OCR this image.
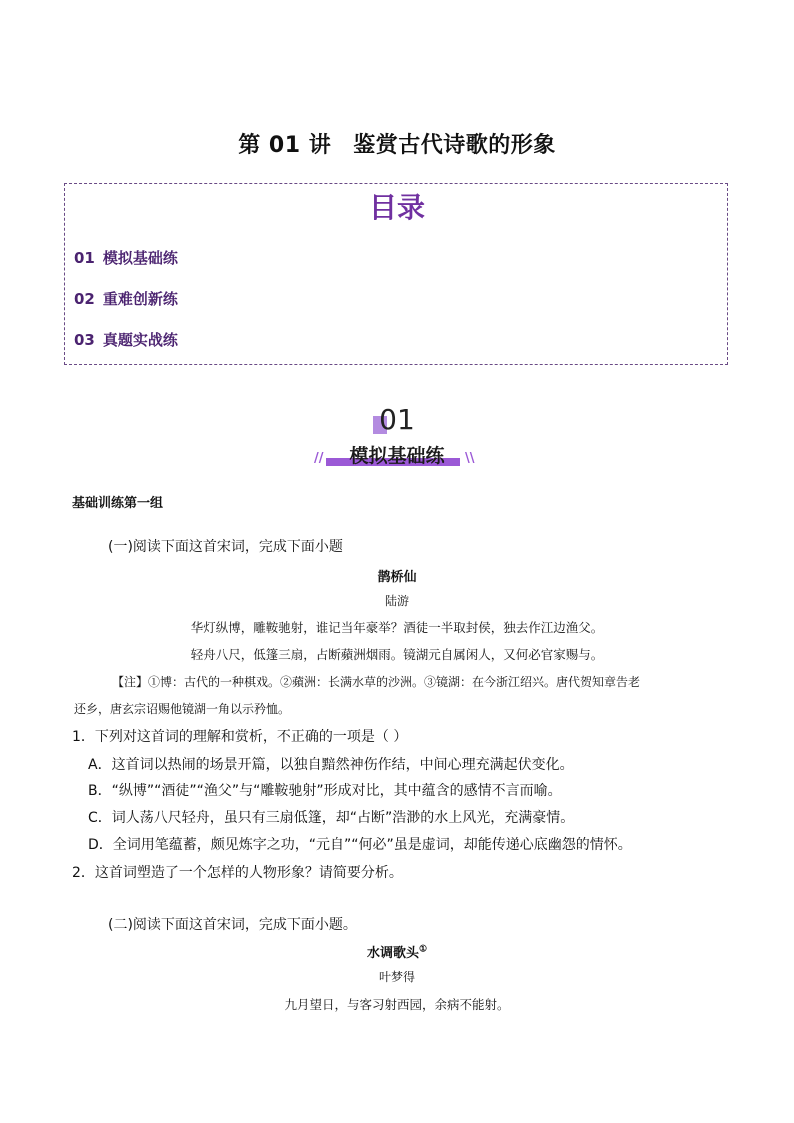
第 01 讲 鉴赏古代诗歌的形象
目录
01 模拟基础练
02 重难创新练
03 真题实战练
01
模拟基础练
//	\\
基础训练第一组
(一)阅读下面这首宋词，完成下面小题
鹊桥仙
陆游
华灯纵博，雕鞍驰射，谁记当年豪举？酒徒一半取封侯，独去作江边渔父。
轻舟八尺，低篷三扇，占断蘋洲烟雨。镜湖元自属闲人，又何必官家赐与。
【注】①博：古代的一种棋戏。②蘋洲：长满水草的沙洲。③镜湖：在今浙江绍兴。唐代贺知章告老
还乡，唐玄宗诏赐他镜湖一角以示矜恤。
1．下列对这首词的理解和赏析，不正确的一项是（ ）
A．这首词以热闹的场景开篇，以独自黯然神伤作结，中间心理充满起伏变化。
B．“纵博”“酒徒”“渔父”与“雕鞍驰射”形成对比，其中蕴含的感情不言而喻。
C．词人荡八尺轻舟，虽只有三扇低篷，却“占断”浩渺的水上风光，充满豪情。
D．全词用笔蕴蓄，颇见炼字之功，“元自”“何必”虽是虚词，却能传递心底幽怨的情怀。
2．这首词塑造了一个怎样的人物形象？请简要分析。
(二)阅读下面这首宋词，完成下面小题。
水调歌头①
叶梦得
九月望日，与客习射西园，余病不能射。
